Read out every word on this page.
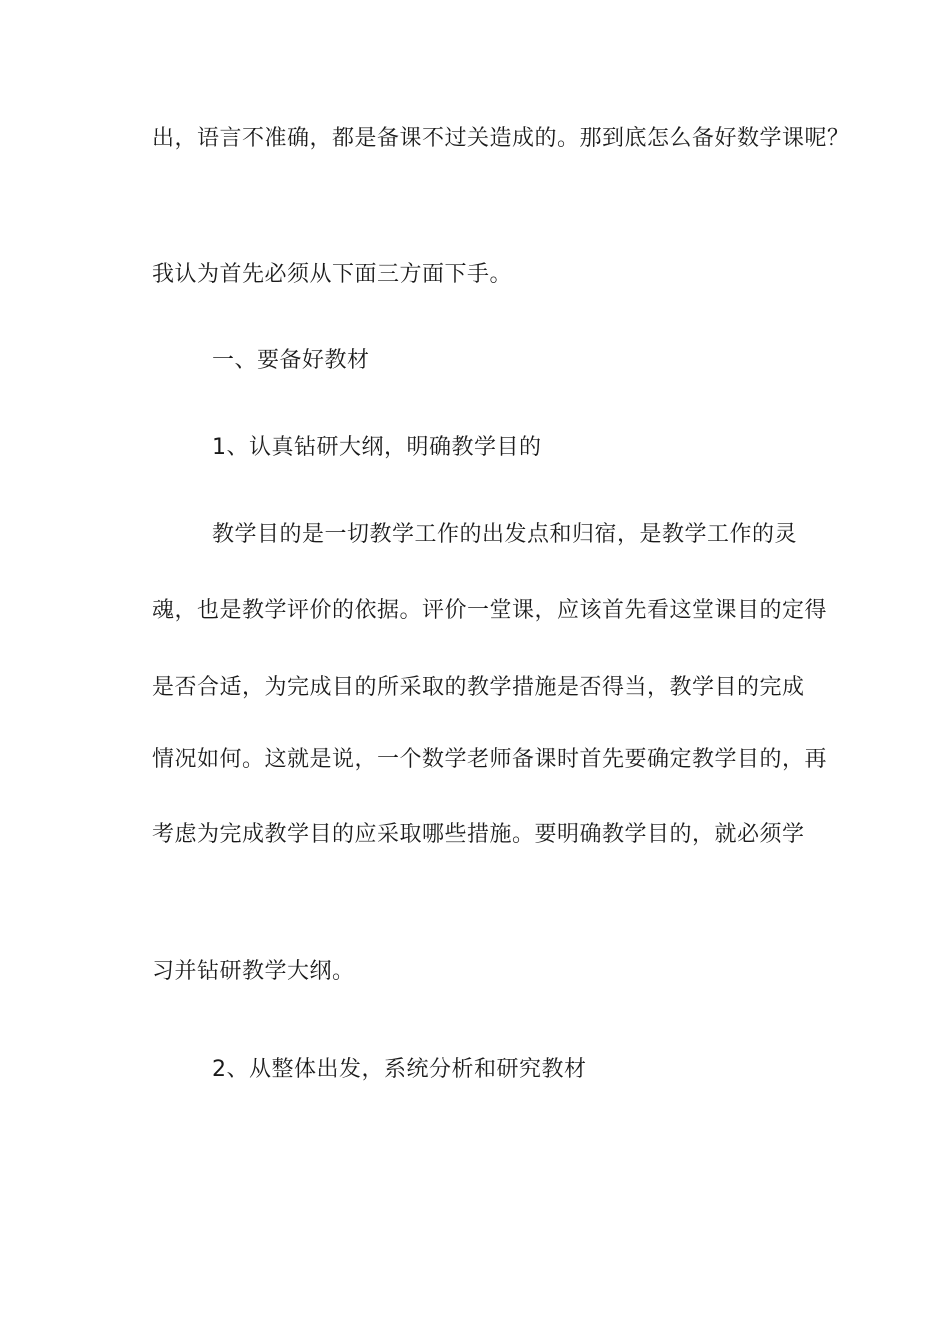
出，语言不准确，都是备课不过关造成的。那到底怎么备好数学课呢？
我认为首先必须从下面三方面下手。
一、要备好教材
1、认真钻研大纲，明确教学目的
教学目的是一切教学工作的出发点和归宿，是教学工作的灵
魂，也是教学评价的依据。评价一堂课，应该首先看这堂课目的定得
是否合适，为完成目的所采取的教学措施是否得当，教学目的完成
情况如何。这就是说，一个数学老师备课时首先要确定教学目的，再
考虑为完成教学目的应采取哪些措施。要明确教学目的，就必须学
习并钻研教学大纲。
2、从整体出发，系统分析和研究教材
